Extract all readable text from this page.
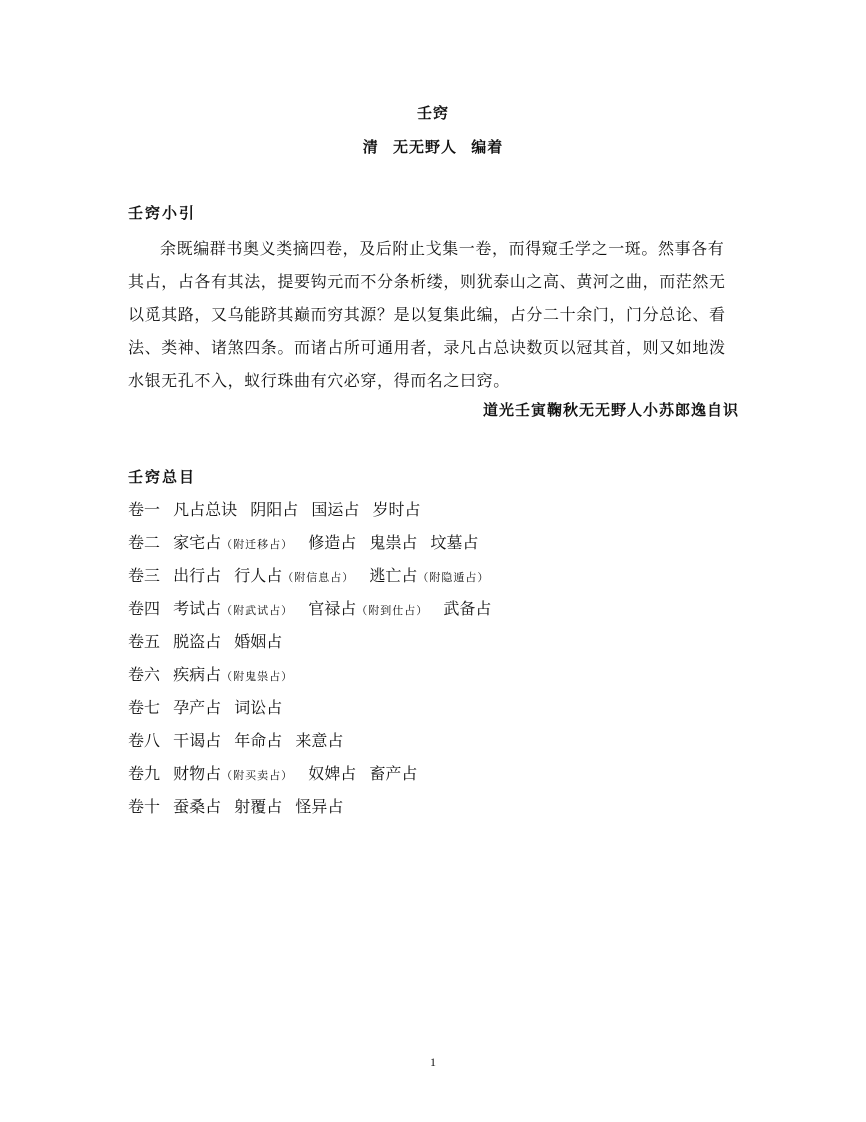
壬窍
清 无无野人 编着
壬窍小引
余既编群书奥义类摘四卷，及后附止戈集一卷，而得窥壬学之一斑。然事各有
其占，占各有其法，提要钩元而不分条析缕，则犹泰山之高、黄河之曲，而茫然无
以觅其路，又乌能跻其巅而穷其源？是以复集此编，占分二十余门，门分总论、看
法、类神、诸煞四条。而诸占所可通用者，录凡占总诀数页以冠其首，则又如地泼
水银无孔不入，蚁行珠曲有穴必穿，得而名之曰窍。
道光壬寅鞠秋无无野人小苏郎逸自识
壬窍总目
卷一 凡占总诀 阴阳占 国运占 岁时占
卷二 家宅占（附迁移占） 修造占 鬼祟占 坟墓占
卷三 出行占 行人占（附信息占） 逃亡占（附隐遁占）
卷四 考试占（附武试占） 官禄占（附到仕占） 武备占
卷五 脱盗占 婚姻占
卷六 疾病占（附鬼祟占）
卷七 孕产占 词讼占
卷八 干谒占 年命占 来意占
卷九 财物占（附买卖占） 奴婢占 畜产占
卷十 蚕桑占 射覆占 怪异占
1
